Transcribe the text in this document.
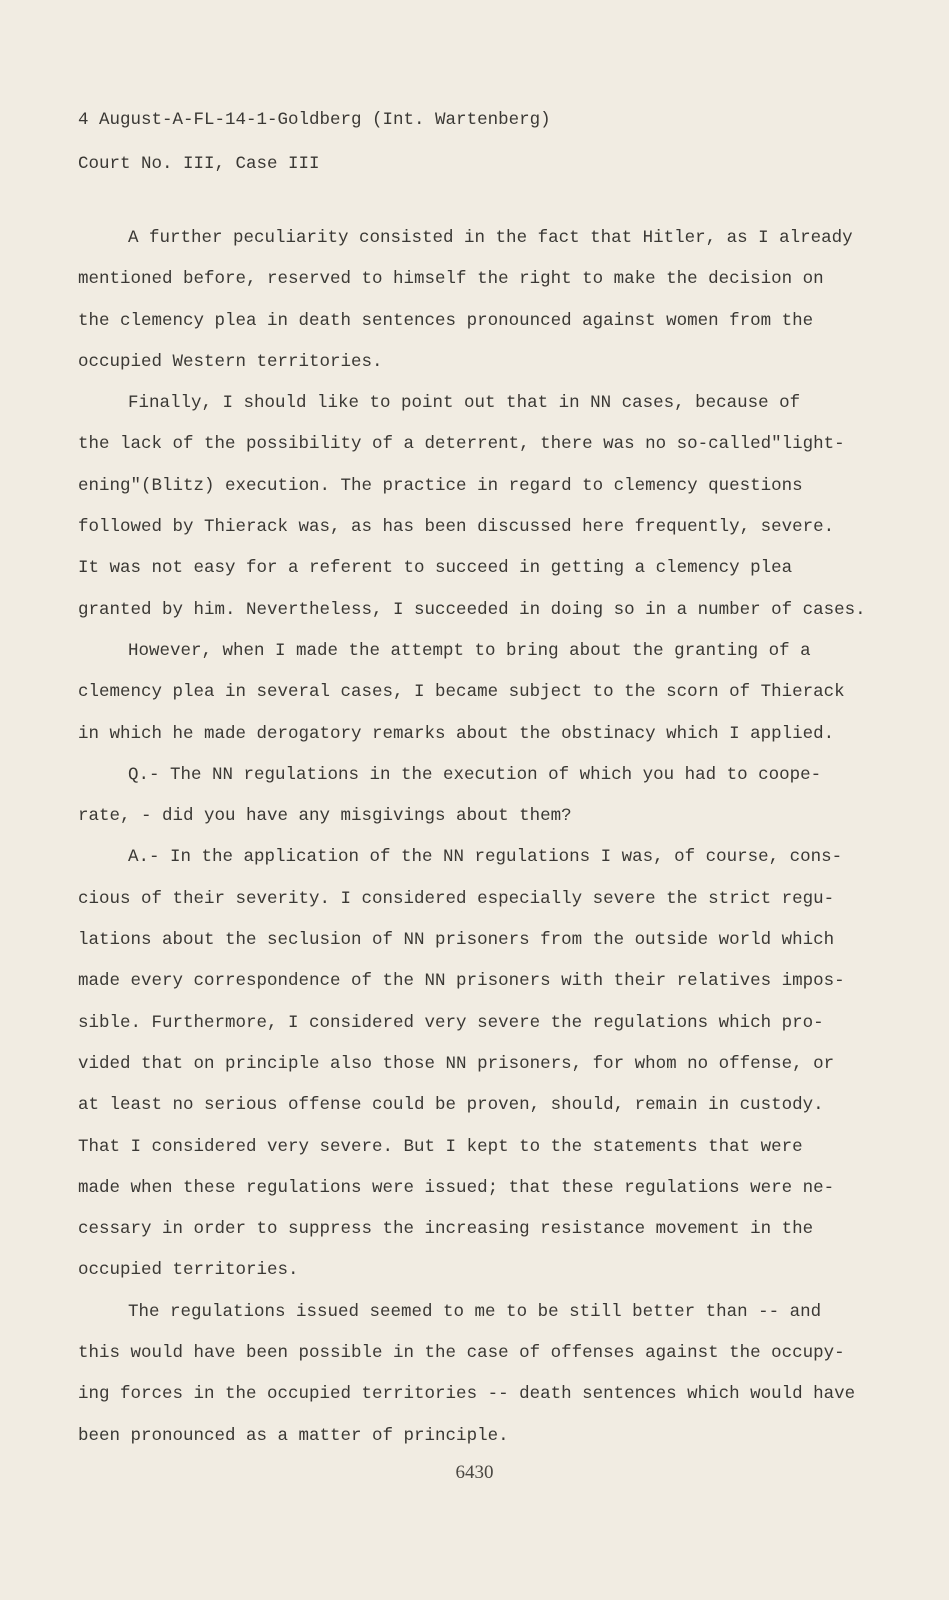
4 August-A-FL-14-1-Goldberg (Int. Wartenberg)
Court No. III, Case III
A further peculiarity consisted in the fact that Hitler, as I already
mentioned before, reserved to himself the right to make the decision on
the clemency plea in death sentences pronounced against women from the
occupied Western territories.
Finally, I should like to point out that in NN cases, because of
the lack of the possibility of a deterrent, there was no so-called"light-
ening"(Blitz) execution. The practice in regard to clemency questions
followed by Thierack was, as has been discussed here frequently, severe.
It was not easy for a referent to succeed in getting a clemency plea
granted by him. Nevertheless, I succeeded in doing so in a number of cases.
However, when I made the attempt to bring about the granting of a
clemency plea in several cases, I became subject to the scorn of Thierack
in which he made derogatory remarks about the obstinacy which I applied.
Q.- The NN regulations in the execution of which you had to coope-
rate, - did you have any misgivings about them?
A.- In the application of the NN regulations I was, of course, cons-
cious of their severity. I considered especially severe the strict regu-
lations about the seclusion of NN prisoners from the outside world which
made every correspondence of the NN prisoners with their relatives impos-
sible. Furthermore, I considered very severe the regulations which pro-
vided that on principle also those NN prisoners, for whom no offense, or
at least no serious offense could be proven, should, remain in custody.
That I considered very severe. But I kept to the statements that were
made when these regulations were issued; that these regulations were ne-
cessary in order to suppress the increasing resistance movement in the
occupied territories.
The regulations issued seemed to me to be still better than -- and
this would have been possible in the case of offenses against the occupy-
ing forces in the occupied territories -- death sentences which would have
been pronounced as a matter of principle.
6430
